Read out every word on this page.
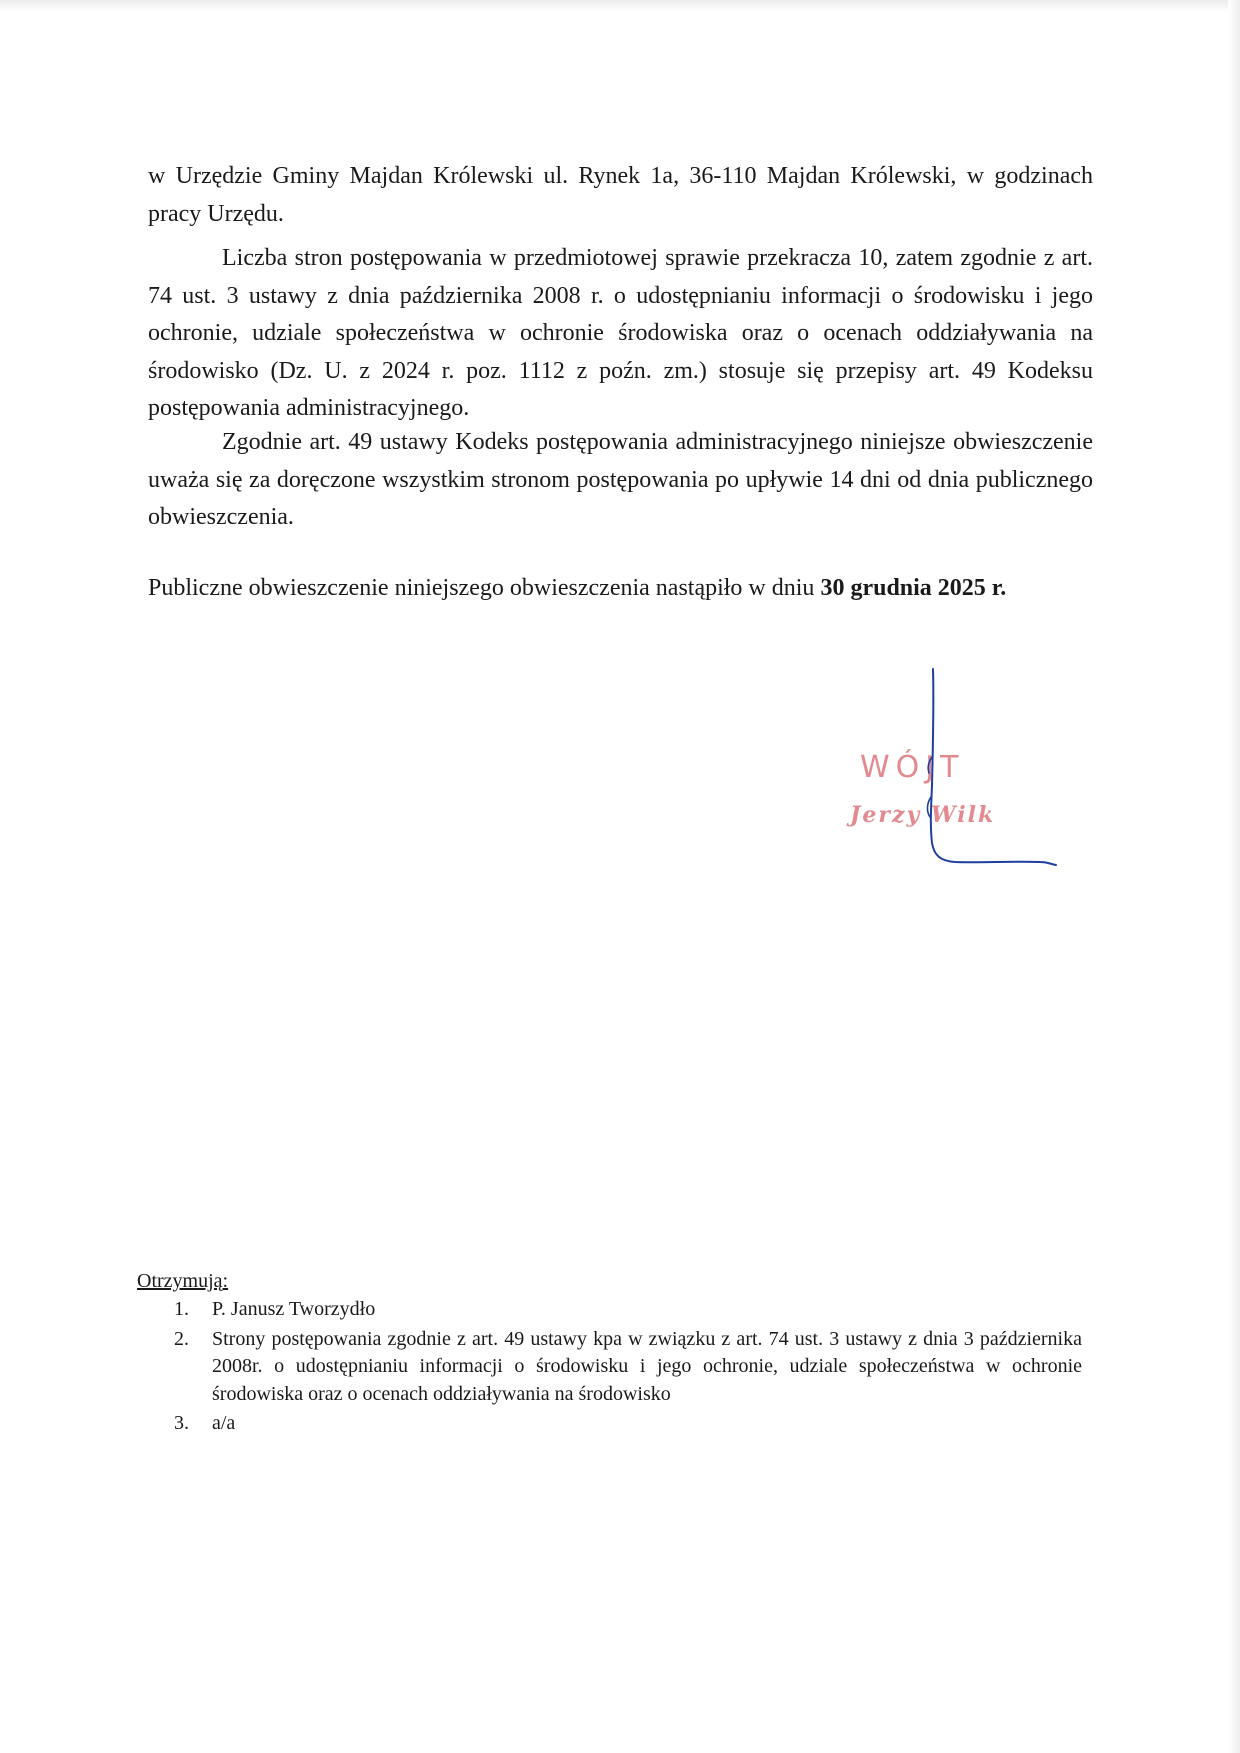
w Urzędzie Gminy Majdan Królewski ul. Rynek 1a, 36-110 Majdan Królewski, w godzinach pracy Urzędu.

Liczba stron postępowania w przedmiotowej sprawie przekracza 10, zatem zgodnie z art. 74 ust. 3 ustawy z dnia października 2008 r. o udostępnianiu informacji o środowisku i jego ochronie, udziale społeczeństwa w ochronie środowiska oraz o ocenach oddziaływania na środowisko (Dz. U. z 2024 r. poz. 1112 z poźn. zm.) stosuje się przepisy art. 49 Kodeksu postępowania administracyjnego.

Zgodnie art. 49 ustawy Kodeks postępowania administracyjnego niniejsze obwieszczenie uważa się za doręczone wszystkim stronom postępowania po upływie 14 dni od dnia publicznego obwieszczenia.

Publiczne obwieszczenie niniejszego obwieszczenia nastąpiło w dniu 30 grudnia 2025 r.

WÓJT
Jerzy Wilk

Otrzymują:

1. P. Janusz Tworzydło
2. Strony postępowania zgodnie z art. 49 ustawy kpa w związku z art. 74 ust. 3 ustawy z dnia 3 października 2008r. o udostępnianiu informacji o środowisku i jego ochronie, udziale społeczeństwa w ochronie środowiska oraz o ocenach oddziaływania na środowisko
3. a/a
